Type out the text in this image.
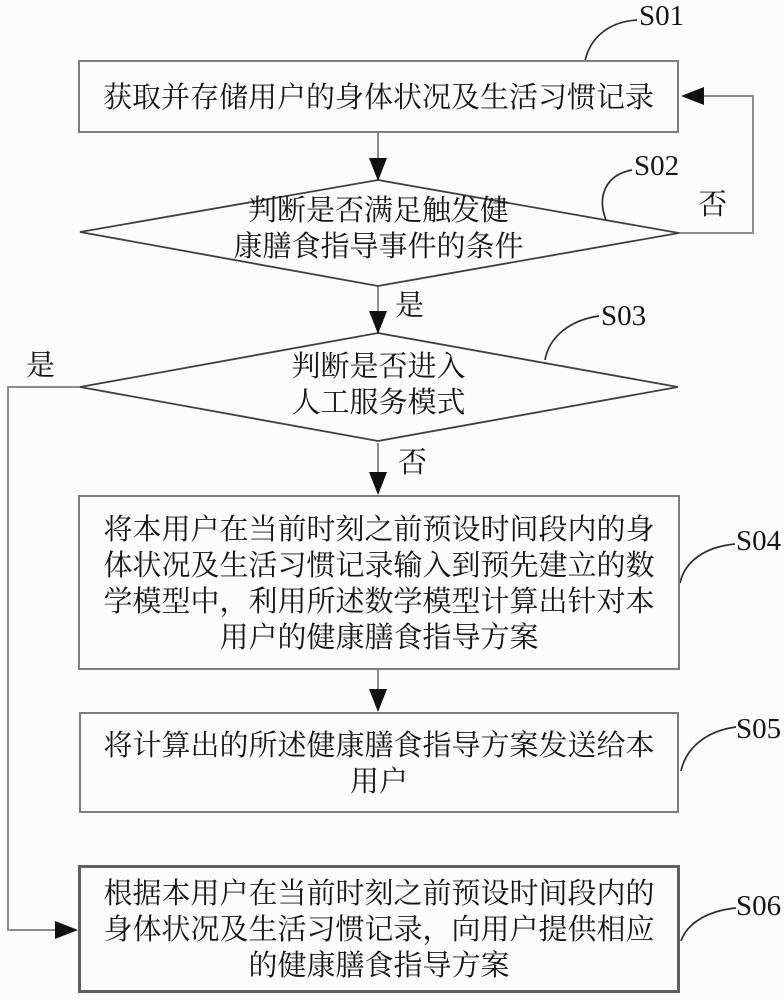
获取并存储用户的身体状况及生活习惯记录
判断是否满足触发健
康膳食指导事件的条件
判断是否进入
人工服务模式
将本用户在当前时刻之前预设时间段内的身
体状况及生活习惯记录输入到预先建立的数
学模型中，利用所述数学模型计算出针对本
用户的健康膳食指导方案
将计算出的所述健康膳食指导方案发送给本
用户
根据本用户在当前时刻之前预设时间段内的
身体状况及生活习惯记录，向用户提供相应
的健康膳食指导方案
S01
S02
S03
S04
S05
S06
否
是
是
否
